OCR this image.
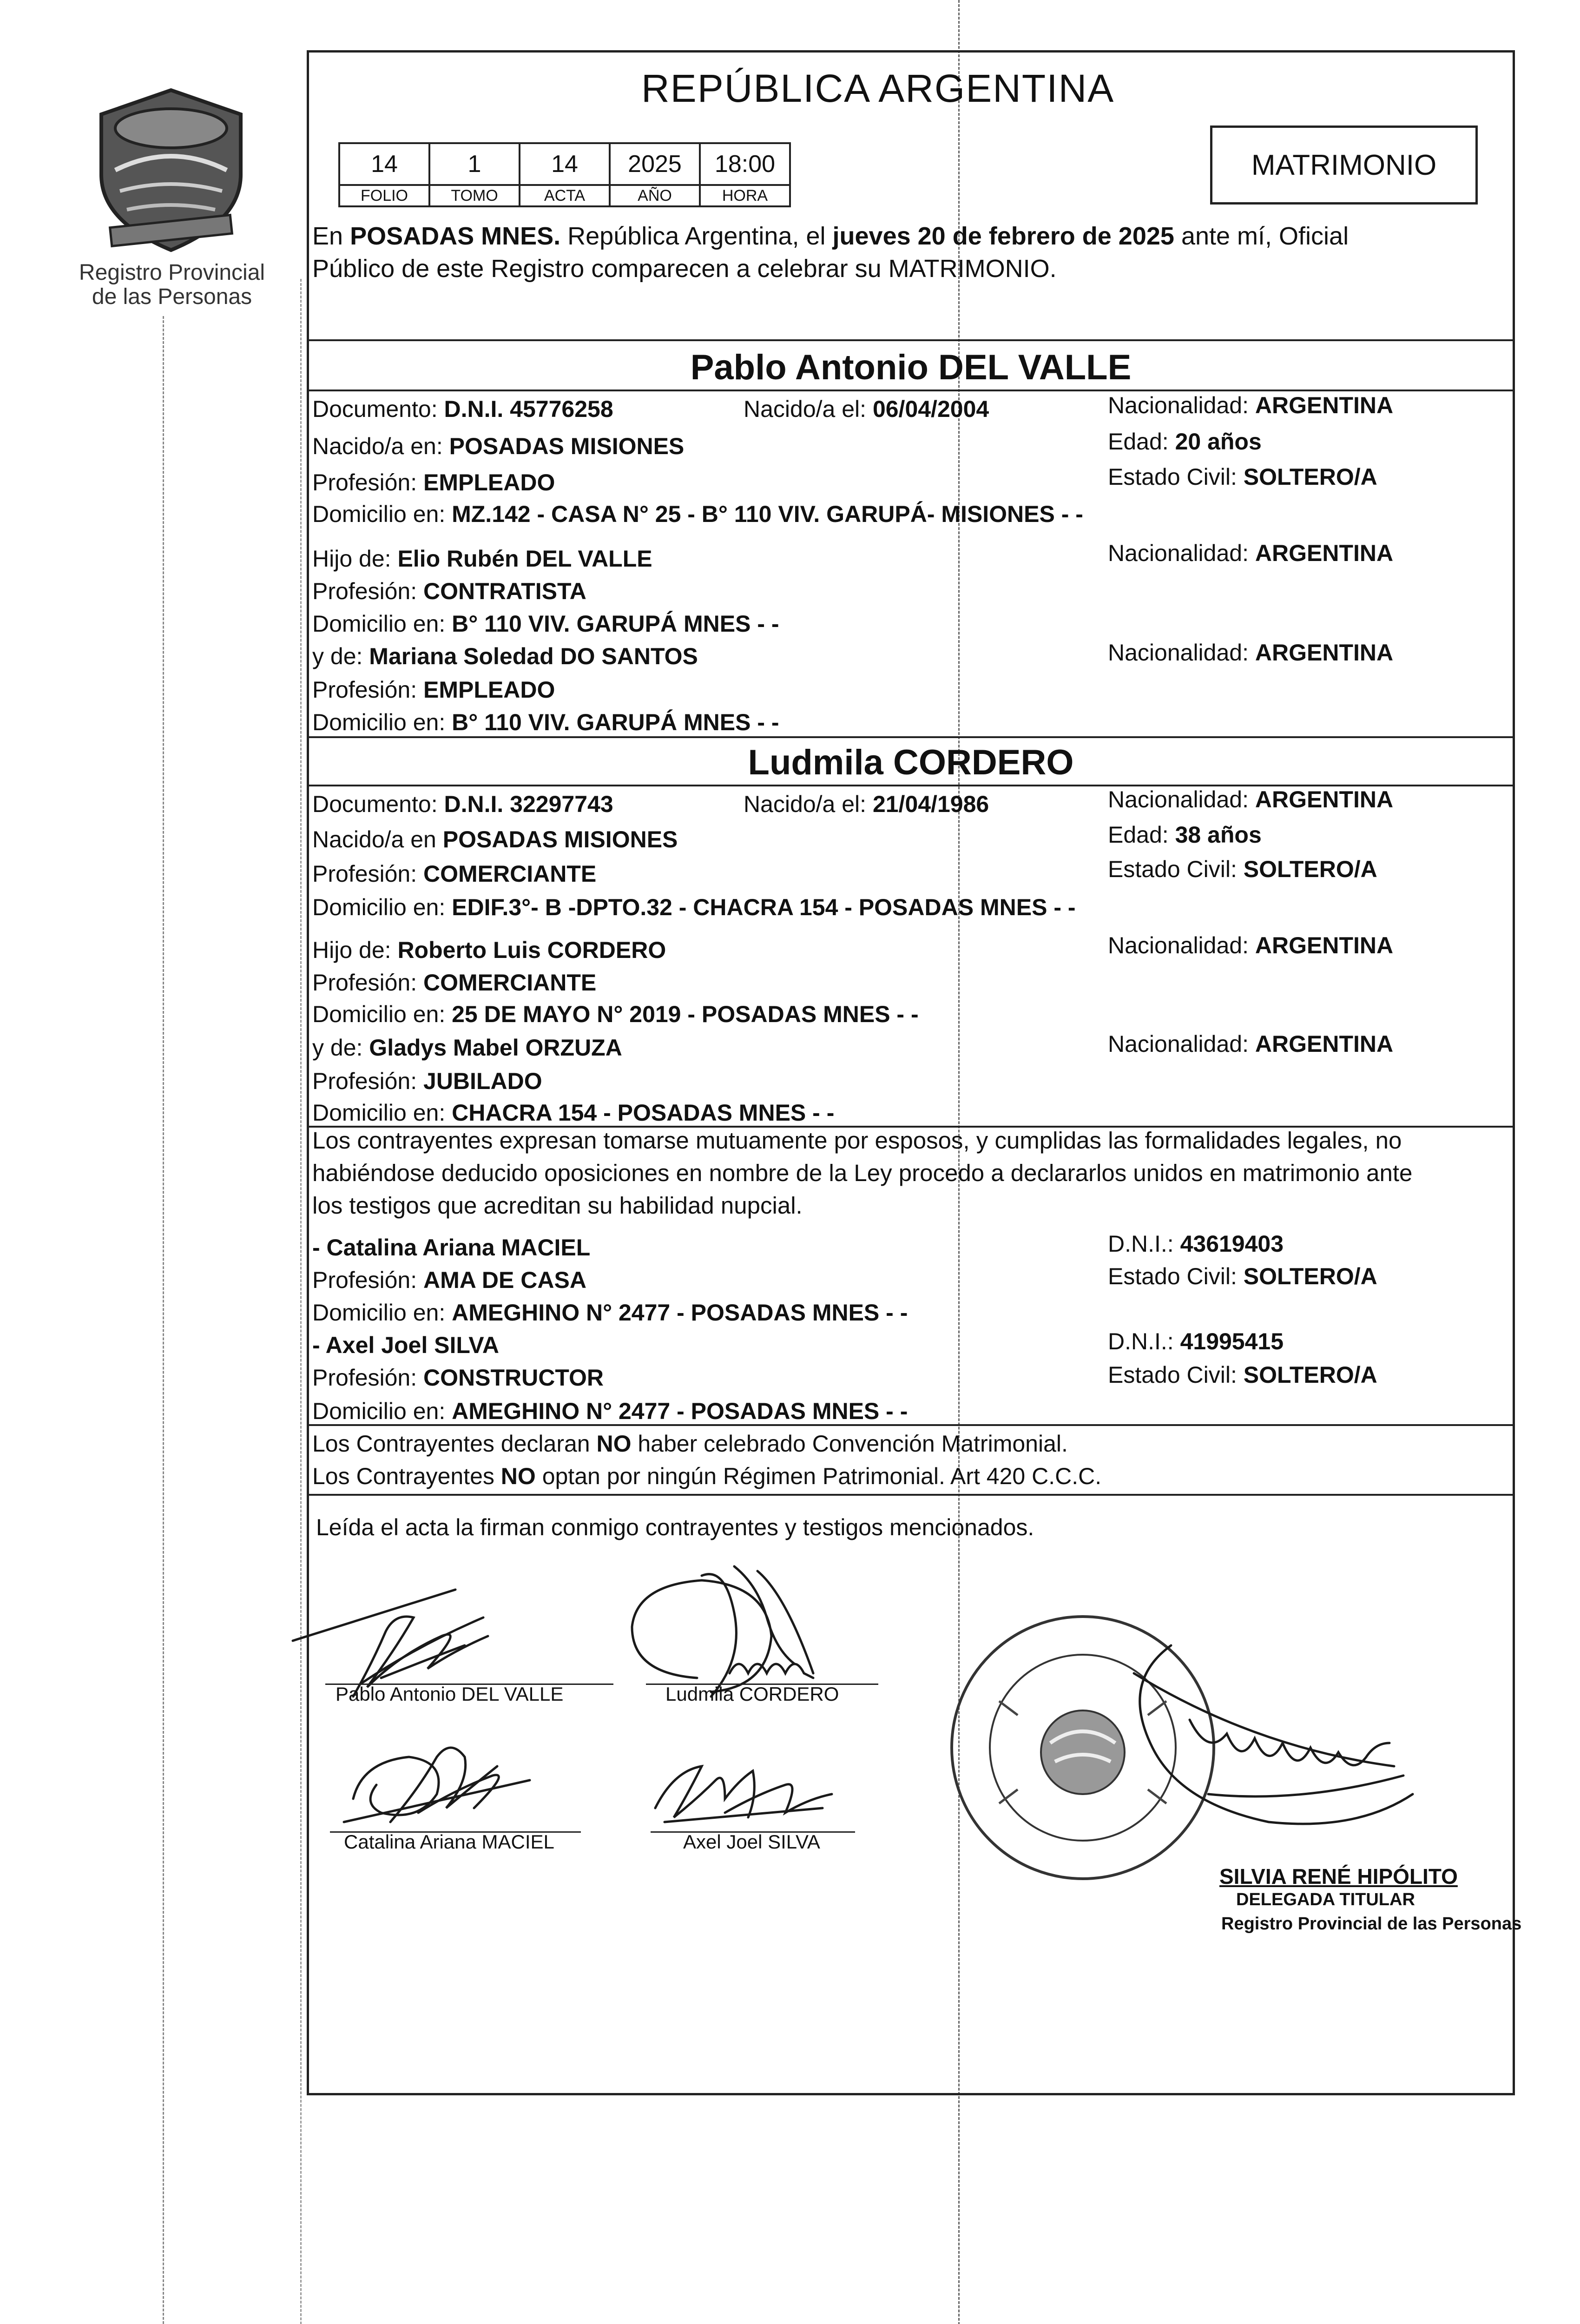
Registro Provincial
de las Personas
REPÚBLICA ARGENTINA
14	1	14	2025	18:00
FOLIO	TOMO	ACTA	AÑO	HORA
MATRIMONIO
En POSADAS MNES. República Argentina, el jueves 20 de febrero de 2025 ante mí, Oficial
Público de este Registro comparecen a celebrar su MATRIMONIO.
Pablo Antonio DEL VALLE
Documento: D.N.I. 45776258	Nacido/a el: 06/04/2004	Nacionalidad: ARGENTINA
Nacido/a en: POSADAS MISIONES	Edad: 20 años
Profesión: EMPLEADO	Estado Civil: SOLTERO/A
Domicilio en: MZ.142 - CASA N° 25 - B° 110 VIV. GARUPÁ- MISIONES - -
Hijo de: Elio Rubén DEL VALLE	Nacionalidad: ARGENTINA
Profesión: CONTRATISTA
Domicilio en: B° 110 VIV. GARUPÁ MNES - -
y de: Mariana Soledad DO SANTOS	Nacionalidad: ARGENTINA
Profesión: EMPLEADO
Domicilio en: B° 110 VIV. GARUPÁ MNES - -
Ludmila CORDERO
Documento: D.N.I. 32297743	Nacido/a el: 21/04/1986	Nacionalidad: ARGENTINA
Nacido/a en POSADAS MISIONES	Edad: 38 años
Profesión: COMERCIANTE	Estado Civil: SOLTERO/A
Domicilio en: EDIF.3°- B -DPTO.32 - CHACRA 154 - POSADAS MNES - -
Hijo de: Roberto Luis CORDERO	Nacionalidad: ARGENTINA
Profesión: COMERCIANTE
Domicilio en: 25 DE MAYO N° 2019 - POSADAS MNES - -
y de: Gladys Mabel ORZUZA	Nacionalidad: ARGENTINA
Profesión: JUBILADO
Domicilio en: CHACRA 154 - POSADAS MNES - -
Los contrayentes expresan tomarse mutuamente por esposos, y cumplidas las formalidades legales, no
habiéndose deducido oposiciones en nombre de la Ley procedo a declararlos unidos en matrimonio ante
los testigos que acreditan su habilidad nupcial.
- Catalina Ariana MACIEL	D.N.I.: 43619403
Profesión: AMA DE CASA	Estado Civil: SOLTERO/A
Domicilio en: AMEGHINO N° 2477 - POSADAS MNES - -
- Axel Joel SILVA	D.N.I.: 41995415
Profesión: CONSTRUCTOR	Estado Civil: SOLTERO/A
Domicilio en: AMEGHINO N° 2477 - POSADAS MNES - -
Los Contrayentes declaran NO haber celebrado Convención Matrimonial.
Los Contrayentes NO optan por ningún Régimen Patrimonial. Art 420 C.C.C.
Leída el acta la firman conmigo contrayentes y testigos mencionados.
Pablo Antonio DEL VALLE	Ludmila CORDERO
Catalina Ariana MACIEL	Axel Joel SILVA
SILVIA RENÉ HIPÓLITO
DELEGADA TITULAR
Registro Provincial de las Personas
